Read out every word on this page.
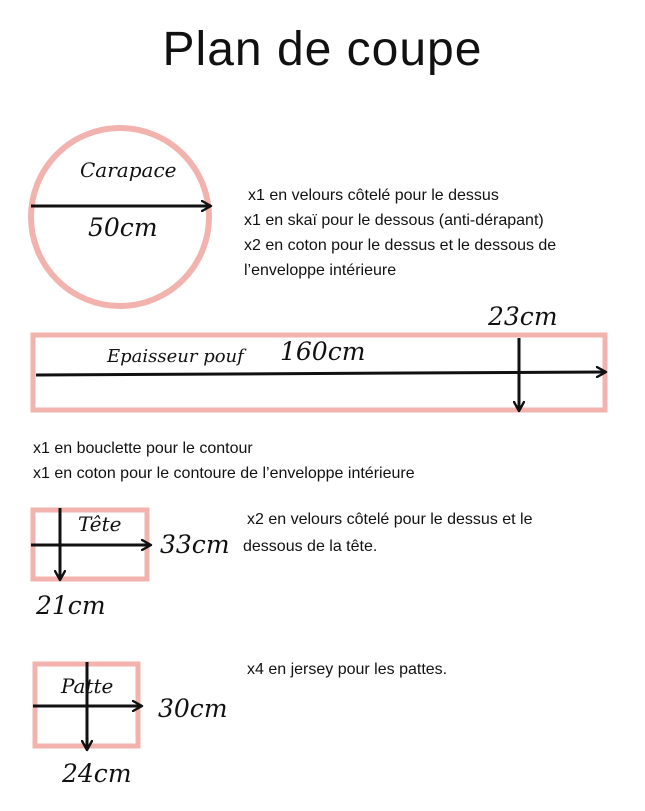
Plan de coupe
Carapace
50cm
Epaisseur pouf 160cm
23cm
Tête
33cm
21cm
Patte
30cm
24cm
x1 en velours côtelé pour le dessus
x1 en skaï pour le dessous (anti-dérapant)
x2 en coton pour le dessus et le dessous de
l’enveloppe intérieure
x1 en bouclette pour le contour
x1 en coton pour le contoure de l’enveloppe intérieure
x2 en velours côtelé pour le dessus et le
dessous de la tête.
x4 en jersey pour les pattes.
